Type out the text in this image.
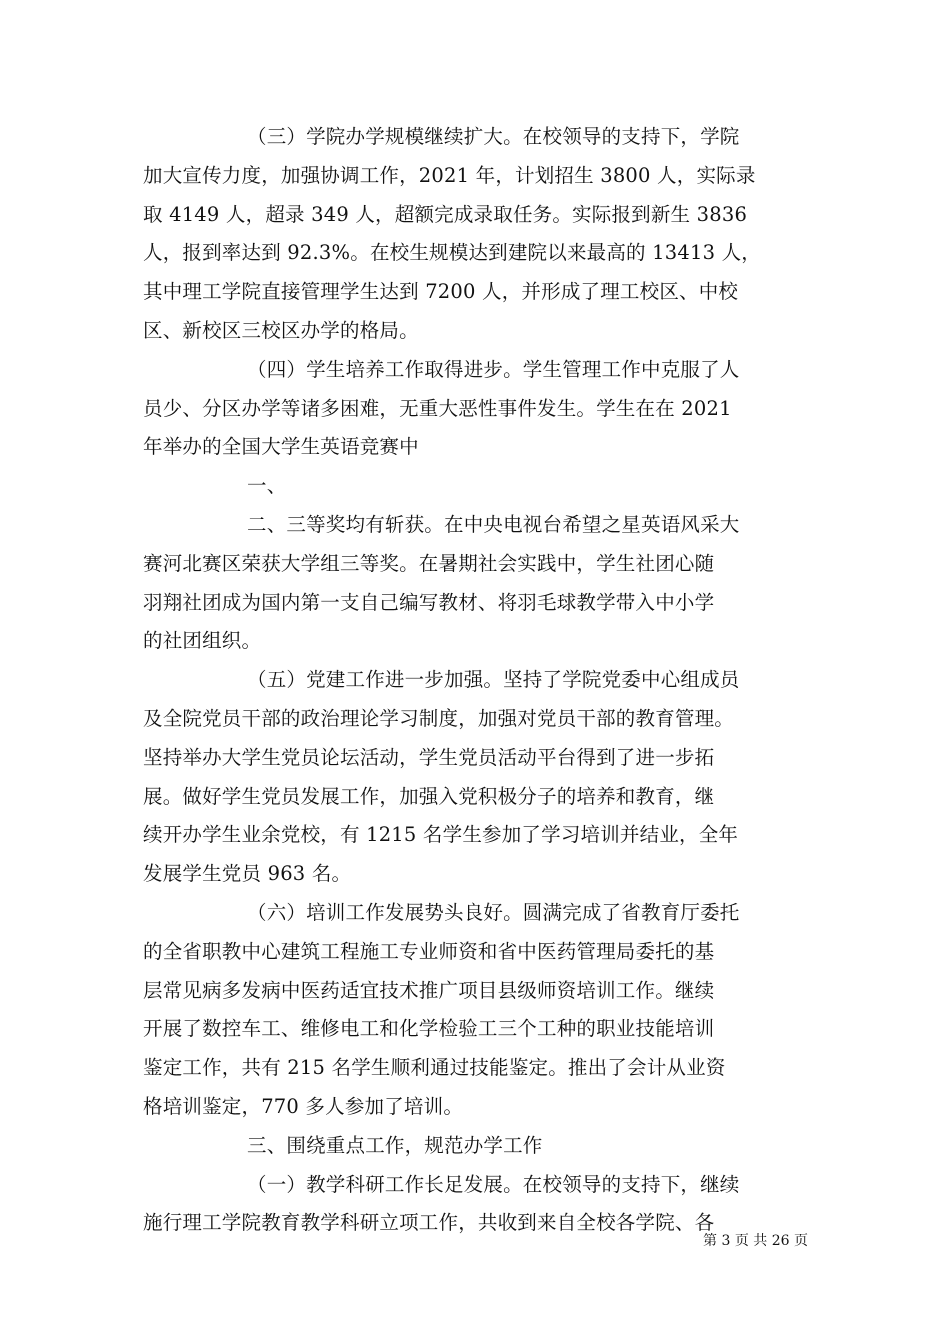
（三）学院办学规模继续扩大。在校领导的支持下，学院
加大宣传力度，加强协调工作，2021 年，计划招生 3800 人，实际录
取 4149 人，超录 349 人，超额完成录取任务。实际报到新生 3836
人，报到率达到 92.3%。在校生规模达到建院以来最高的 13413 人，
其中理工学院直接管理学生达到 7200 人，并形成了理工校区、中校
区、新校区三校区办学的格局。
（四）学生培养工作取得进步。学生管理工作中克服了人
员少、分区办学等诸多困难，无重大恶性事件发生。学生在在 2021
年举办的全国大学生英语竞赛中
一、
二、三等奖均有斩获。在中央电视台希望之星英语风采大
赛河北赛区荣获大学组三等奖。在暑期社会实践中，学生社团心随
羽翔社团成为国内第一支自己编写教材、将羽毛球教学带入中小学
的社团组织。
（五）党建工作进一步加强。坚持了学院党委中心组成员
及全院党员干部的政治理论学习制度，加强对党员干部的教育管理。
坚持举办大学生党员论坛活动，学生党员活动平台得到了进一步拓
展。做好学生党员发展工作，加强入党积极分子的培养和教育，继
续开办学生业余党校，有 1215 名学生参加了学习培训并结业，全年
发展学生党员 963 名。
（六）培训工作发展势头良好。圆满完成了省教育厅委托
的全省职教中心建筑工程施工专业师资和省中医药管理局委托的基
层常见病多发病中医药适宜技术推广项目县级师资培训工作。继续
开展了数控车工、维修电工和化学检验工三个工种的职业技能培训
鉴定工作，共有 215 名学生顺利通过技能鉴定。推出了会计从业资
格培训鉴定，770 多人参加了培训。
三、围绕重点工作，规范办学工作
（一）教学科研工作长足发展。在校领导的支持下，继续
施行理工学院教育教学科研立项工作，共收到来自全校各学院、各
第 3 页 共 26 页
